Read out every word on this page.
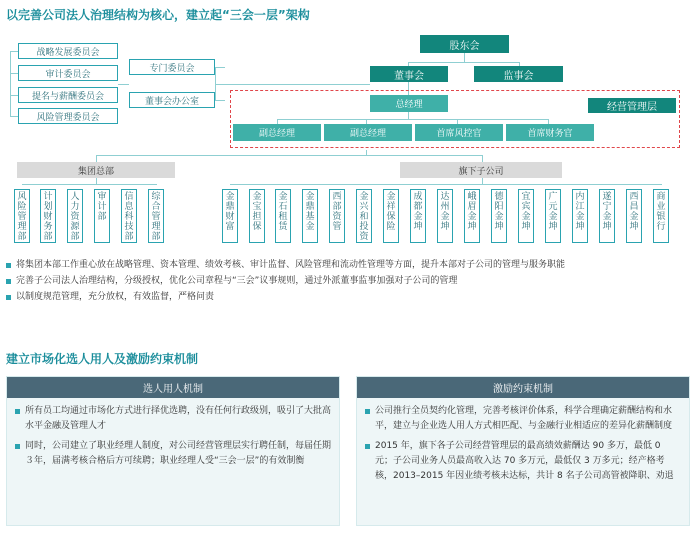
以完善公司法人治理结构为核心，建立起“三会一层”架构
战略发展委员会
审计委员会
提名与薪酬委员会
风险管理委员会
专门委员会
董事会办公室
股东会
董事会	监事会
总经理	经营管理层
副总经理	副总经理	首席风控官	首席财务官
集团总部	旗下子公司
风险管理部
计划财务部
人力资源部
审计部
信息科技部
综合管理部
金鼎财富
金宝担保
金石租赁
金鼎基金
西部资管
金兴和投资
金祥保险
成都金坤
达州金坤
峨眉金坤
德阳金坤
宜宾金坤
广元金坤
内江金坤
遂宁金坤
西昌金坤
商业银行
将集团本部工作重心放在战略管理、资本管理、绩效考核、审计监督、风险管理和流动性管理等方面，提升本部对子公司的管理与服务职能
完善子公司法人治理结构，分级授权，优化公司章程与“三会”议事规则，通过外派董事监事加强对子公司的管理
以制度规范管理，充分放权，有效监督，严格问责
建立市场化选人用人及激励约束机制
选人用人机制
所有员工均通过市场化方式进行择优选聘，没有任何行政级别，吸引了大批高水平金融及管理人才
同时，公司建立了职业经理人制度，对公司经营管理层实行聘任制，每届任期３年，届满考核合格后方可续聘；职业经理人受“三会一层”的有效制衡
激励约束机制
公司推行全员契约化管理，完善考核评价体系，科学合理确定薪酬结构和水平，建立与企业选人用人方式相匹配、与金融行业相适应的差异化薪酬制度
2015 年，旗下各子公司经营管理层的最高绩效薪酬达 90 多万，最低 0 元；子公司业务人员最高收入达 70 多万元，最低仅 3 万多元；经产格考核，2013–2015 年因业绩考核未达标，共计 8 名子公司高管被降职、劝退
